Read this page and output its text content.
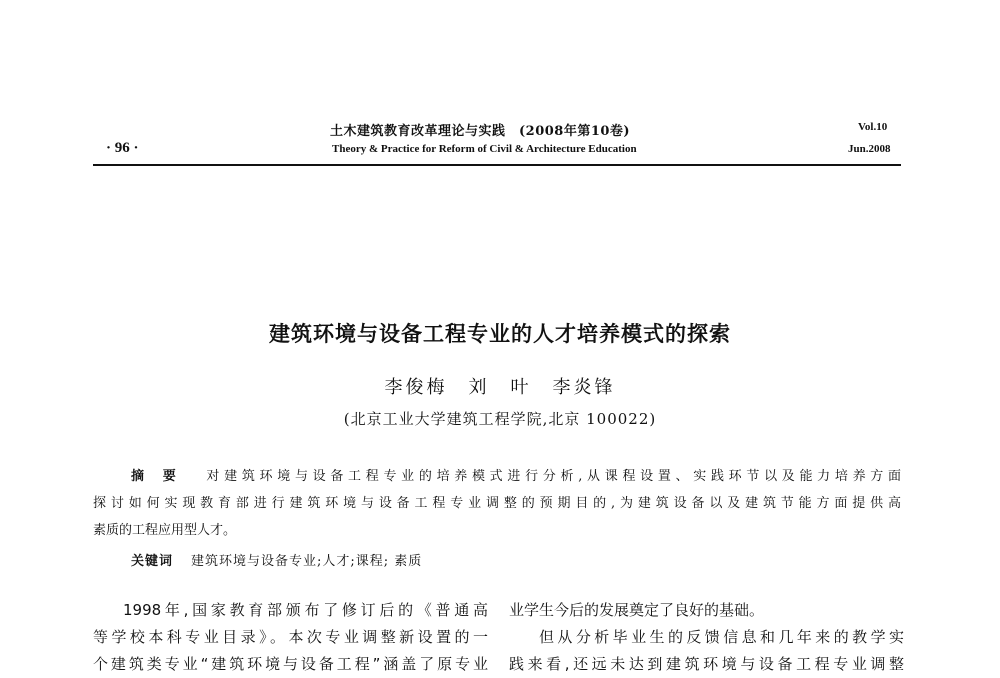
· 96 ·
土木建筑教育改革理论与实践　(2008年第10卷)
Theory & Practice for Reform of Civil & Architecture Education
Vol.10
Jun.2008
建筑环境与设备工程专业的人才培养模式的探索
李俊梅　刘　叶　李炎锋
(北京工业大学建筑工程学院,北京 100022)
摘要 对建筑环境与设备工程专业的培养模式进行分析,从课程设置、实践环节以及能力培养方面
探讨如何实现教育部进行建筑环境与设备工程专业调整的预期目的,为建筑设备以及建筑节能方面提供高
素质的工程应用型人才。
关键词 建筑环境与设备专业;人才;课程; 素质
1998年,国家教育部颁布了修订后的《普通高
等学校本科专业目录》。本次专业调整新设置的一
个建筑类专业“建筑环境与设备工程”涵盖了原专业
业学生今后的发展奠定了良好的基础。
但从分析毕业生的反馈信息和几年来的教学实
践来看,还远未达到建筑环境与设备工程专业调整
